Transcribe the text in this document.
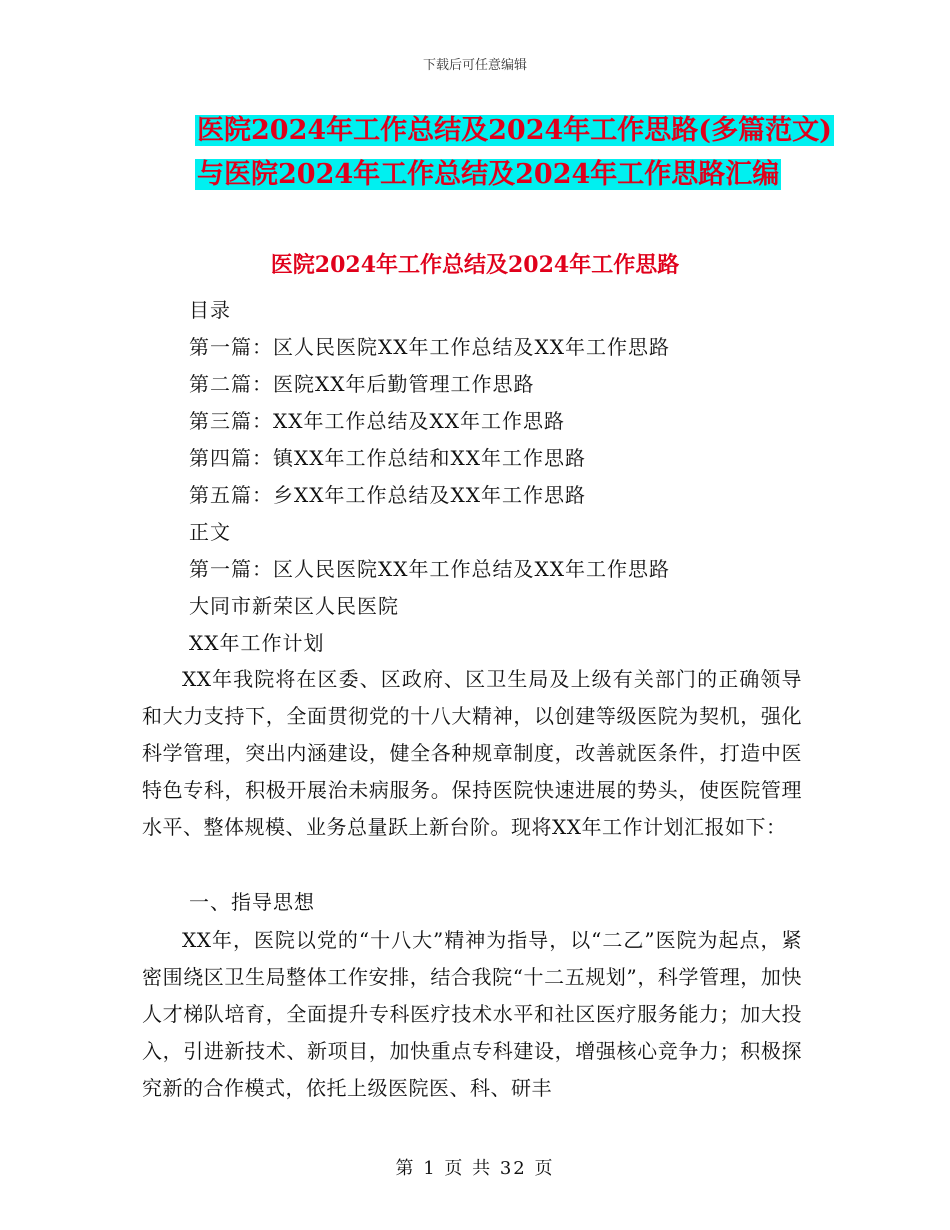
下载后可任意编辑
医院2024年工作总结及2024年工作思路(多篇范文)
与医院2024年工作总结及2024年工作思路汇编
医院2024年工作总结及2024年工作思路
目录
第一篇：区人民医院XX年工作总结及XX年工作思路
第二篇：医院XX年后勤管理工作思路
第三篇：XX年工作总结及XX年工作思路
第四篇：镇XX年工作总结和XX年工作思路
第五篇：乡XX年工作总结及XX年工作思路
正文
第一篇：区人民医院XX年工作总结及XX年工作思路
大同市新荣区人民医院
XX年工作计划

XX年我院将在区委、区政府、区卫生局及上级有关部门的正确领导和大力支持下，全面贯彻党的十八大精神，以创建等级医院为契机，强化科学管理，突出内涵建设，健全各种规章制度，改善就医条件，打造中医特色专科，积极开展治未病服务。保持医院快速进展的势头，使医院管理水平、整体规模、业务总量跃上新台阶。现将XX年工作计划汇报如下：

一、指导思想

XX年，医院以党的“十八大”精神为指导，以“二乙”医院为起点，紧密围绕区卫生局整体工作安排，结合我院“十二五规划”，科学管理，加快人才梯队培育，全面提升专科医疗技术水平和社区医疗服务能力；加大投入，引进新技术、新项目，加快重点专科建设，增强核心竞争力；积极探究新的合作模式，依托上级医院医、科、研丰

第 1 页 共 32 页
